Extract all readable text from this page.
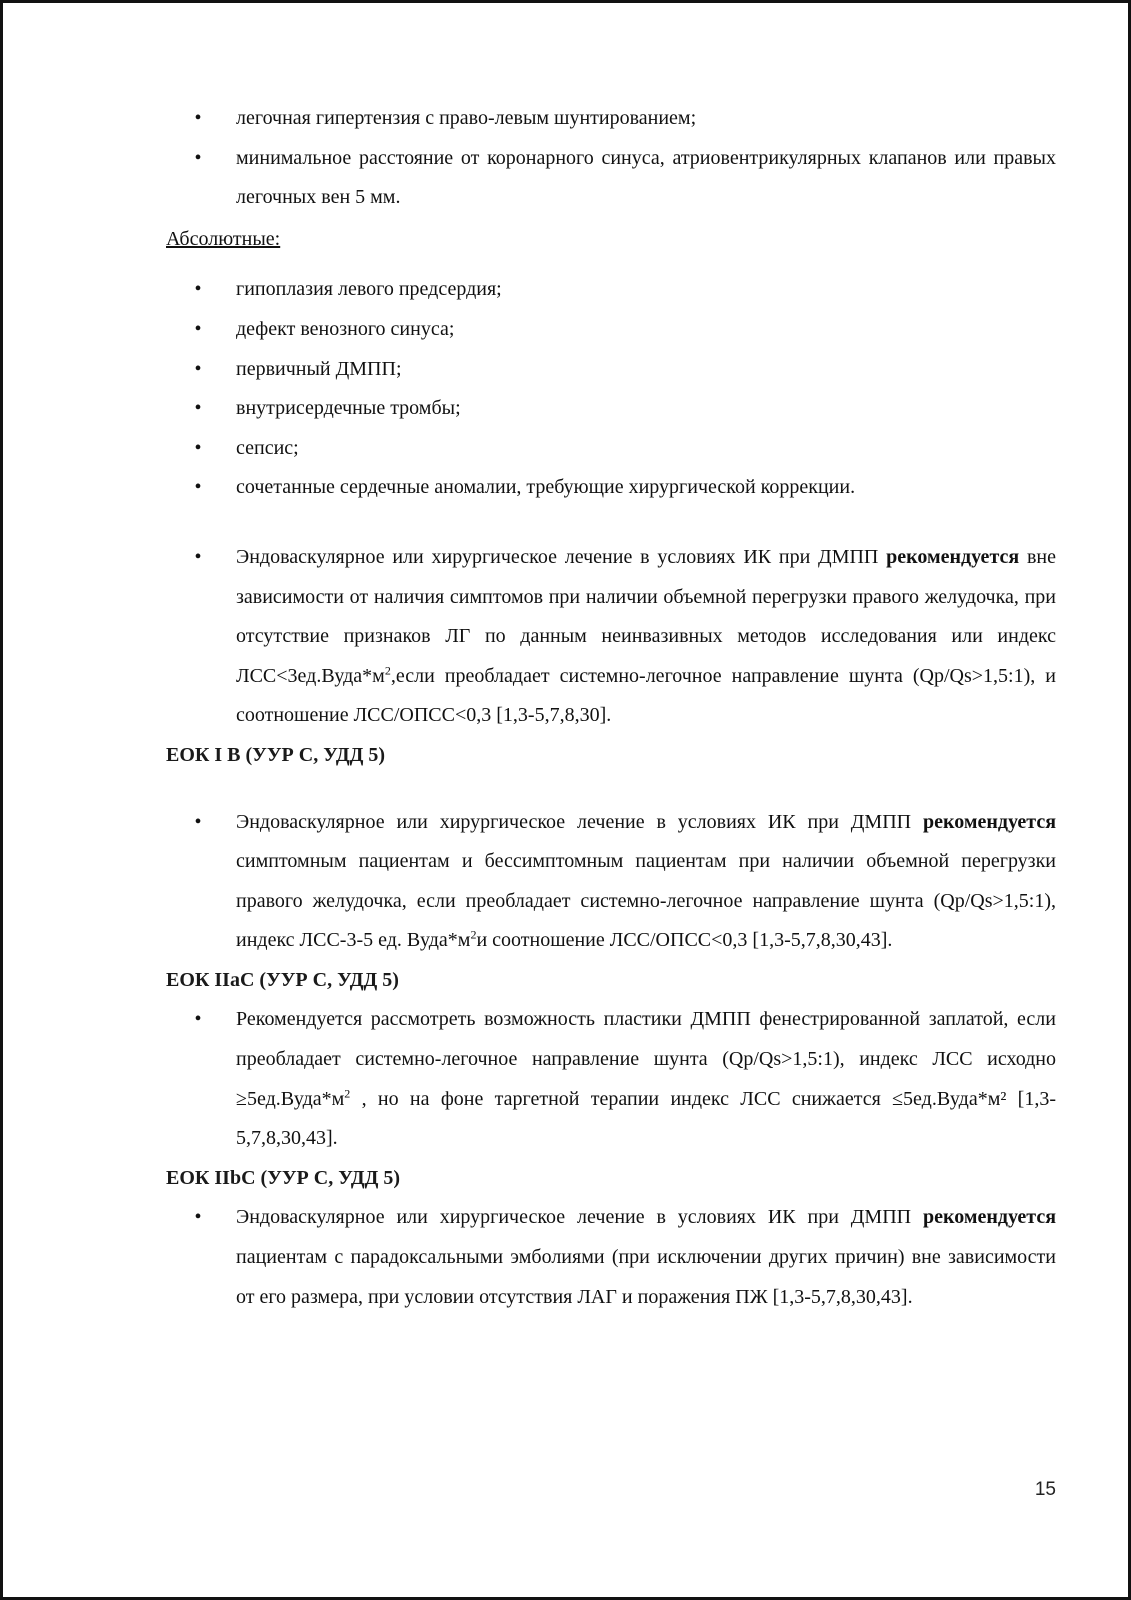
• легочная гипертензия с право-левым шунтированием;
• минимальное расстояние от коронарного синуса, атриовентрикулярных клапанов или правых легочных вен 5 мм.

Абсолютные:

• гипоплазия левого предсердия;
• дефект венозного синуса;
• первичный ДМПП;
• внутрисердечные тромбы;
• сепсис;
• сочетанные сердечные аномалии, требующие хирургической коррекции.
• Эндоваскулярное или хирургическое лечение в условиях ИК при ДМПП рекомендуется вне зависимости от наличия симптомов при наличии объемной перегрузки правого желудочка, при отсутствие признаков ЛГ по данным неинвазивных методов исследования или индекс $ЛСС<3ед.Вуда*м^2,если$ преобладает системно-легочное направление шунта (Qp/Qs>1,5:1), и соотношение ЛСС/ОПСС<0,3 [1,3-5,7,8,30].

ЕОК I В (УУР С, УДД 5)

• Эндоваскулярное или хирургическое лечение в условиях ИК при ДМПП рекомендуется симптомным пациентам и бессимптомным пациентам при наличии объемной перегрузки правого желудочка, если преобладает системно-легочное направление шунта (Qp/Qs>1,5:1), индекс ЛСС-3-5 ед. $Вуда*м^2и$ соотношение ЛСС/ОПСС<0,3 [1,3-5,7,8,30,43].

ЕОК IIaC (УУР С, УДД 5)

• Рекомендуется рассмотреть возможность пластики ДМПП фенестрированной заплатой, если преобладает системно-легочное направление шунта (Qp/Qs>1,5:1), индекс ЛСС исходно $\ge 5ед.Вуда*м^2$ , но на фоне таргетной терапии индекс ЛСС снижается ≤5ед.Вуда*м² [1,3-5,7,8,30,43].

ЕОК IIbC (УУР С, УДД 5)

• Эндоваскулярное или хирургическое лечение в условиях ИК при ДМПП рекомендуется пациентам с парадоксальными эмболиями (при исключении других причин) вне зависимости от его размера, при условии отсутствия ЛАГ и поражения ПЖ [1,3-5,7,8,30,43].
15
